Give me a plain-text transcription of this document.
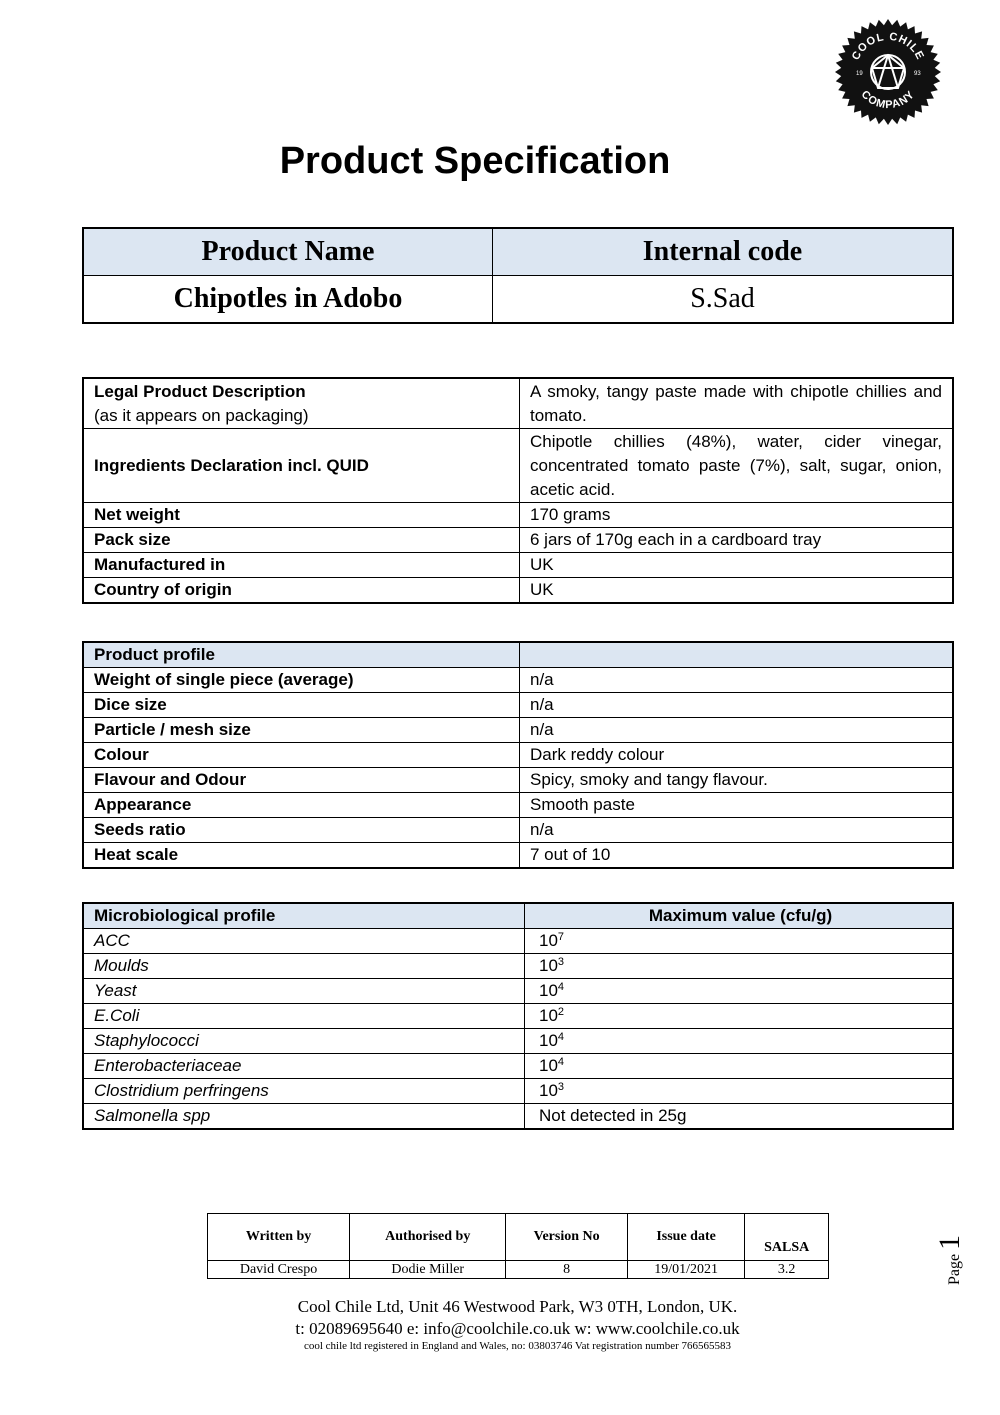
COOL CHILE
COMPANY
19	93
Product Specification
Product Name	Internal code
Chipotles in Adobo	S.Sad
Legal Product Description
(as it appears on packaging)	A smoky, tangy paste made with chipotle chillies and tomato.
Ingredients Declaration incl. QUID	Chipotle chillies (48%), water, cider vinegar, concentrated tomato paste (7%), salt, sugar, onion, acetic acid.
Net weight	170 grams
Pack size	6 jars of 170g each in a cardboard tray
Manufactured in	UK
Country of origin	UK
Product profile	
Weight of single piece (average)	n/a
Dice size	n/a
Particle / mesh size	n/a
Colour	Dark reddy colour
Flavour and Odour	Spicy, smoky and tangy flavour.
Appearance	Smooth paste
Seeds ratio	n/a
Heat scale	7 out of 10
Microbiological profile	Maximum value (cfu/g)
ACC	$10^7$
Moulds	$10^3$
Yeast	$10^4$
E.Coli	$10^2$
Staphylococci	$10^4$
Enterobacteriaceae	$10^4$
Clostridium perfringens	$10^3$
Salmonella spp	Not detected in 25g
Written by	Authorised by	Version No	Issue date	SALSA
David Crespo	Dodie Miller	8	19/01/2021	3.2	Page 1
Cool Chile Ltd, Unit 46 Westwood Park, W3 0TH, London, UK.
t: 02089695640 e: info@coolchile.co.uk w: www.coolchile.co.uk
cool chile ltd registered in England and Wales, no: 03803746 Vat registration number 766565583
